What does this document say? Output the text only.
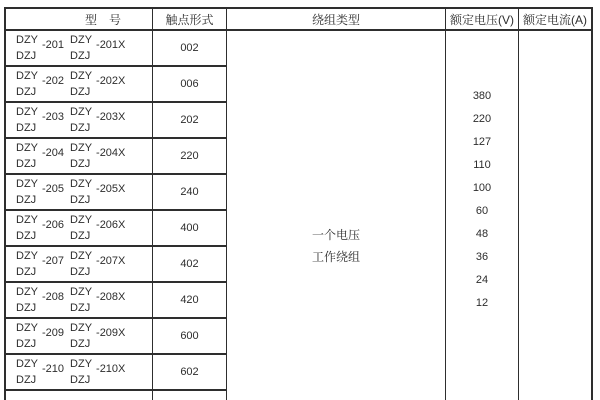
型　号
DZY
DZJ
-201 DZY
DZJ
-201X
DZY
DZJ
-202 DZY
DZJ
-202X
DZY
DZJ
-203 DZY
DZJ
-203X
DZY
DZJ
-204 DZY
DZJ
-204X
DZY
DZJ
-205 DZY
DZJ
-205X
DZY
DZJ
-206 DZY
DZJ
-206X
DZY
DZJ
-207 DZY
DZJ
-207X
DZY
DZJ
-208 DZY
DZJ
-208X
DZY
DZJ
-209 DZY
DZJ
-209X
DZY
DZJ
-210 DZY
DZJ
-210X
触点形式
002
006
202
220
240
400
402
420
600
602
绕组类型
一个电压
工作绕组
额定电压(V)
380
220
127
110
100
60
48
36
24
12
额定电流(A)
